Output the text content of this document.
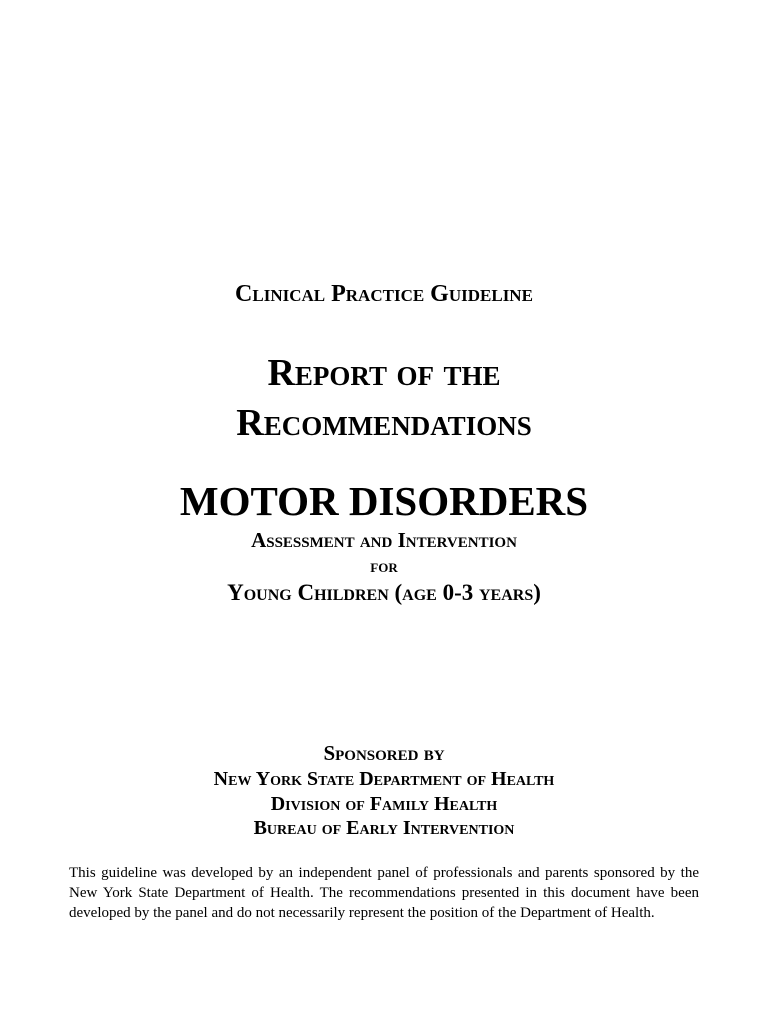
Clinical Practice Guideline
Report of the
Recommendations
MOTOR DISORDERS
Assessment and Intervention
for
Young Children (age 0-3 years)
Sponsored by
New York State Department of Health
Division of Family Health
Bureau of Early Intervention

This guideline was developed by an independent panel of professionals and parents sponsored by the New York State Department of Health. The recommendations presented in this document have been developed by the panel and do not necessarily represent the position of the Department of Health.
